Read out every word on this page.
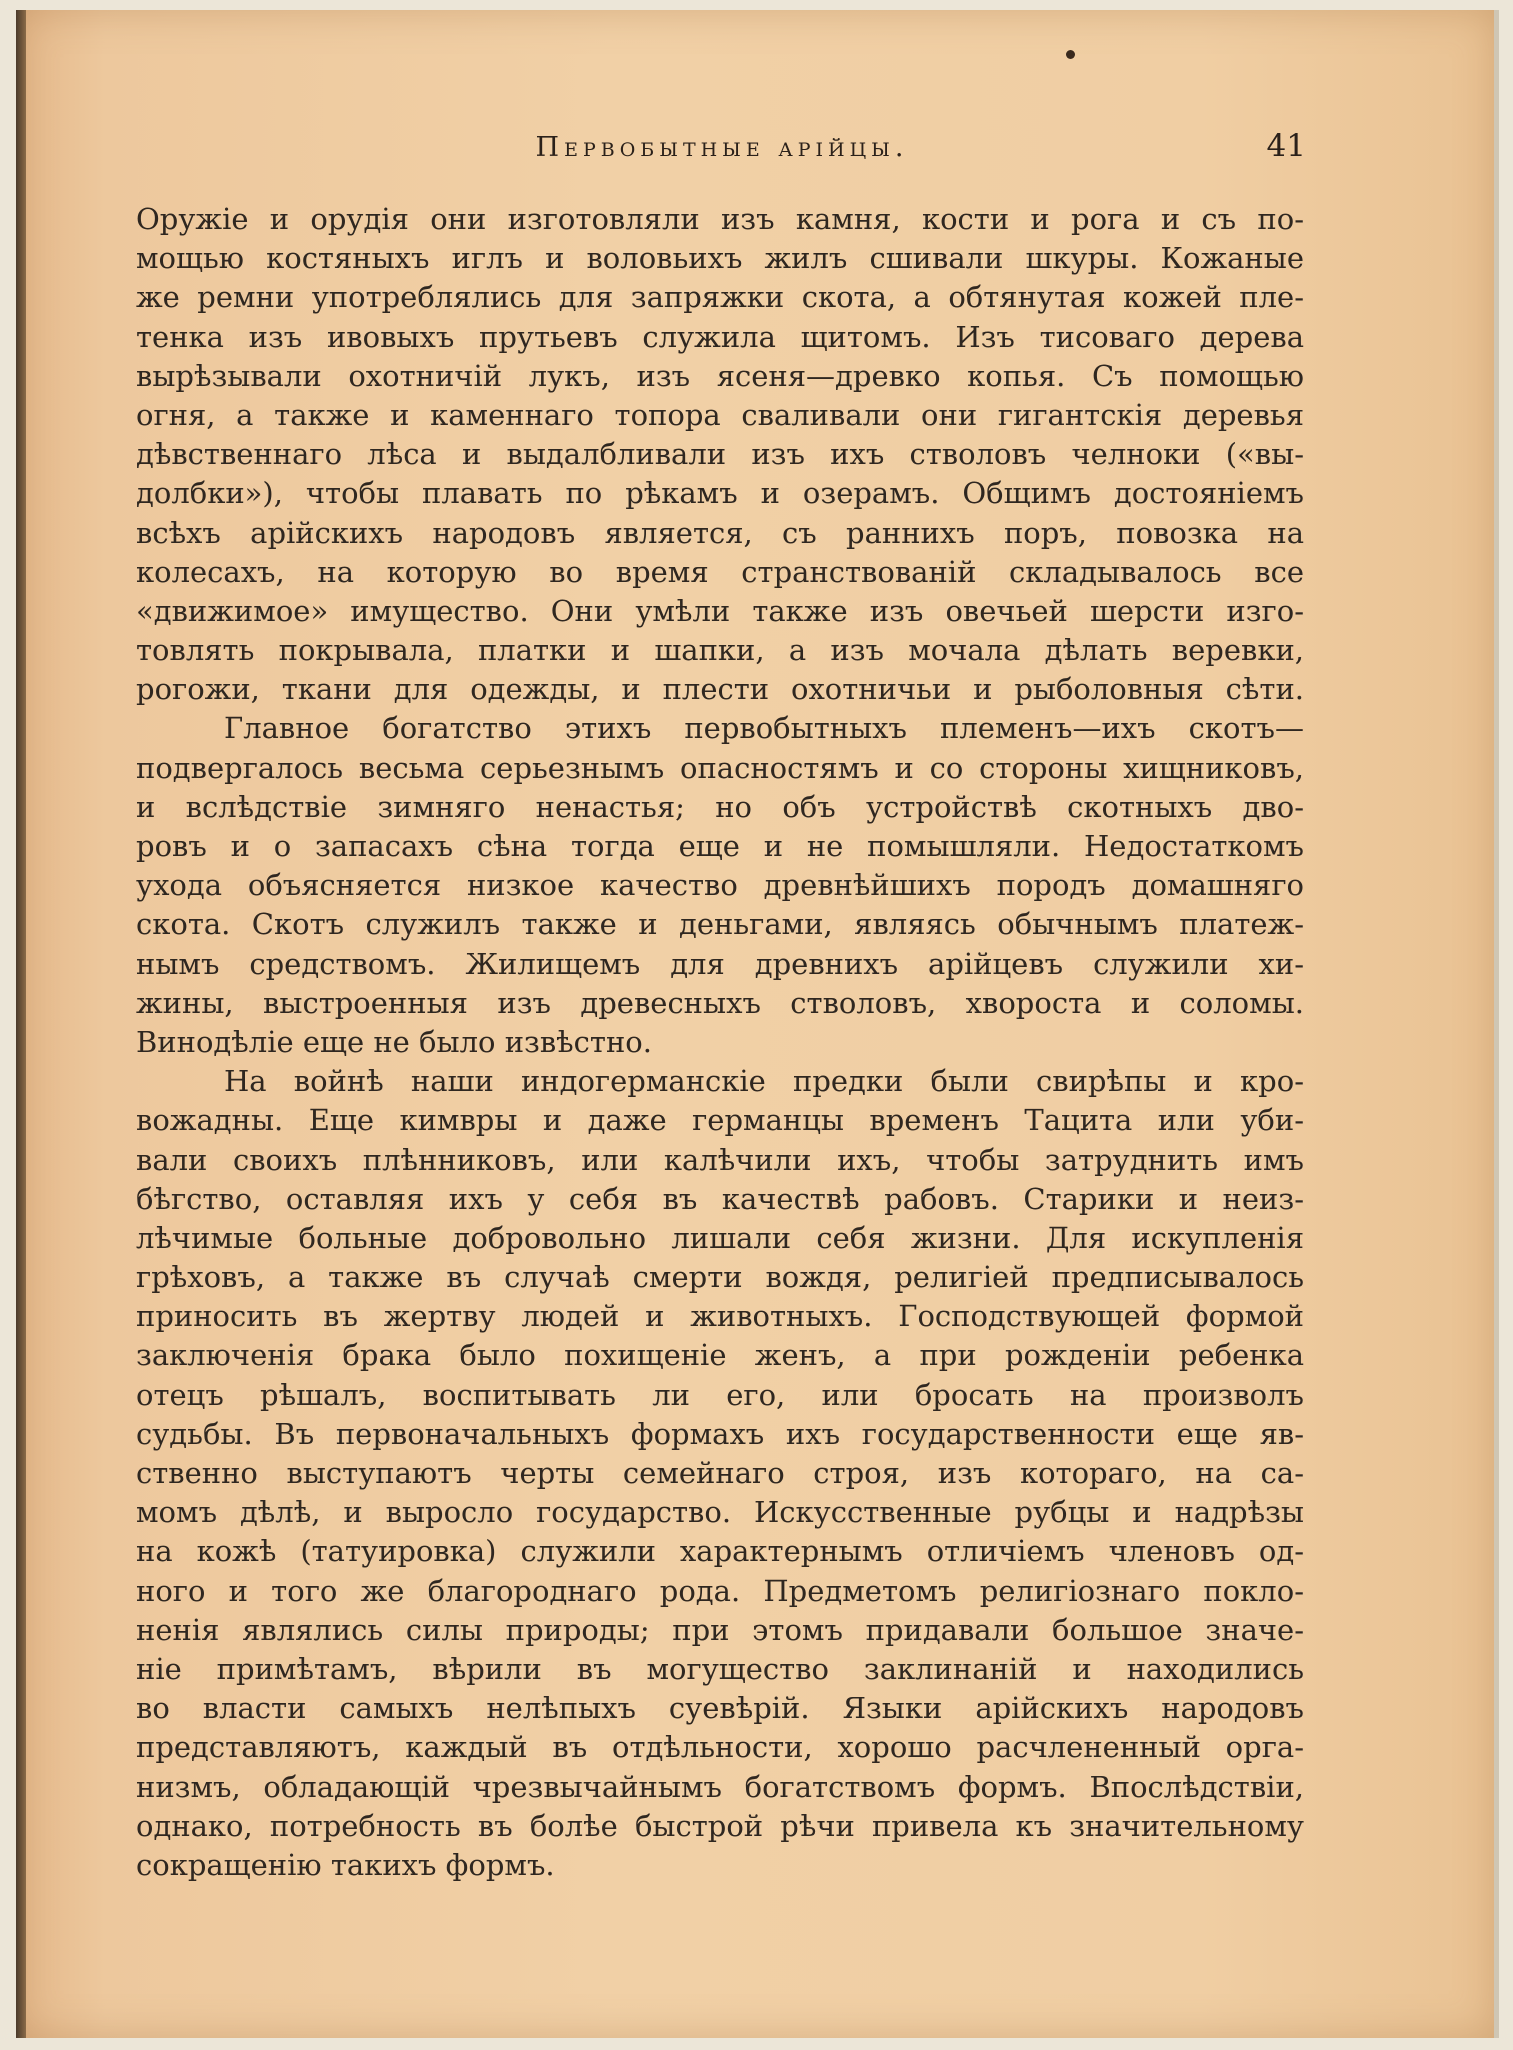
Первобытные арійцы.	41
Оружіе и орудія они изготовляли изъ камня, кости и рога и съ по-
мощью костяныхъ иглъ и воловьихъ жилъ сшивали шкуры. Кожаные
же ремни употреблялись для запряжки скота, а обтянутая кожей пле-
тенка изъ ивовыхъ прутьевъ служила щитомъ. Изъ тисоваго дерева
вырѣзывали охотничій лукъ, изъ ясеня—древко копья. Съ помощью
огня, а также и каменнаго топора сваливали они гигантскія деревья
дѣвственнаго лѣса и выдалбливали изъ ихъ стволовъ челноки («вы-
долбки»), чтобы плавать по рѣкамъ и озерамъ. Общимъ достояніемъ
всѣхъ арійскихъ народовъ является, съ раннихъ поръ, повозка на
колесахъ, на которую во время странствованій складывалось все
«движимое» имущество. Они умѣли также изъ овечьей шерсти изго-
товлять покрывала, платки и шапки, а изъ мочала дѣлать веревки,
рогожи, ткани для одежды, и плести охотничьи и рыболовныя сѣти.
Главное богатство этихъ первобытныхъ племенъ—ихъ скотъ—
подвергалось весьма серьезнымъ опасностямъ и со стороны хищниковъ,
и вслѣдствіе зимняго ненастья; но объ устройствѣ скотныхъ дво-
ровъ и о запасахъ сѣна тогда еще и не помышляли. Недостаткомъ
ухода объясняется низкое качество древнѣйшихъ породъ домашняго
скота. Скотъ служилъ также и деньгами, являясь обычнымъ платеж-
нымъ средствомъ. Жилищемъ для древнихъ арійцевъ служили хи-
жины, выстроенныя изъ древесныхъ стволовъ, хвороста и соломы.
Винодѣліе еще не было извѣстно.
На войнѣ наши индогерманскіе предки были свирѣпы и кро-
вожадны. Еще кимвры и даже германцы временъ Тацита или уби-
вали своихъ плѣнниковъ, или калѣчили ихъ, чтобы затруднить имъ
бѣгство, оставляя ихъ у себя въ качествѣ рабовъ. Старики и неиз-
лѣчимые больные добровольно лишали себя жизни. Для искупленія
грѣховъ, а также въ случаѣ смерти вождя, религіей предписывалось
приносить въ жертву людей и животныхъ. Господствующей формой
заключенія брака было похищеніе женъ, а при рожденіи ребенка
отецъ рѣшалъ, воспитывать ли его, или бросать на произволъ
судьбы. Въ первоначальныхъ формахъ ихъ государственности еще яв-
ственно выступаютъ черты семейнаго строя, изъ котораго, на са-
момъ дѣлѣ, и выросло государство. Искусственные рубцы и надрѣзы
на кожѣ (татуировка) служили характернымъ отличіемъ членовъ од-
ного и того же благороднаго рода. Предметомъ религіознаго покло-
ненія являлись силы природы; при этомъ придавали большое значе-
ніе примѣтамъ, вѣрили въ могущество заклинаній и находились
во власти самыхъ нелѣпыхъ суевѣрій. Языки арійскихъ народовъ
представляютъ, каждый въ отдѣльности, хорошо расчлененный орга-
низмъ, обладающій чрезвычайнымъ богатствомъ формъ. Впослѣдствіи,
однако, потребность въ болѣе быстрой рѣчи привела къ значительному
сокращенію такихъ формъ.
